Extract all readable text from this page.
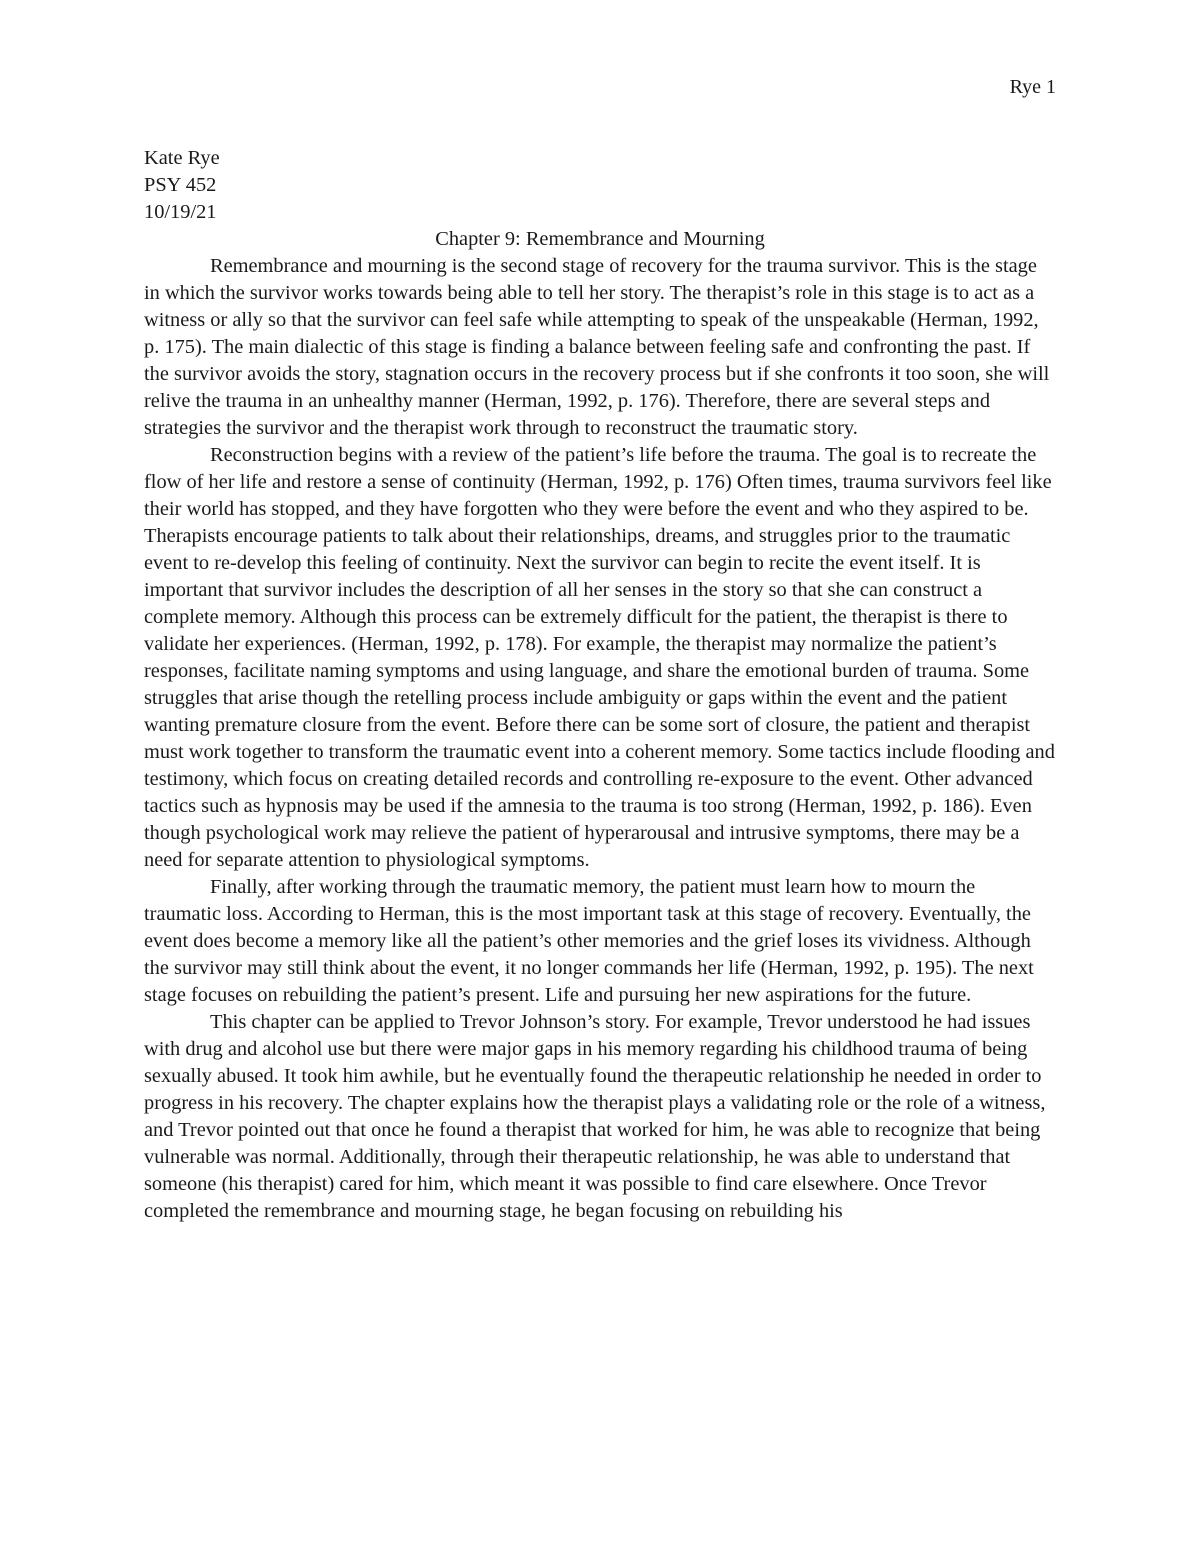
Rye 1

Kate Rye

PSY 452

10/19/21

Chapter 9: Remembrance and Mourning

Remembrance and mourning is the second stage of recovery for the trauma survivor. This is the stage in which the survivor works towards being able to tell her story. The therapist’s role in this stage is to act as a witness or ally so that the survivor can feel safe while attempting to speak of the unspeakable (Herman, 1992, p. 175). The main dialectic of this stage is finding a balance between feeling safe and confronting the past. If the survivor avoids the story, stagnation occurs in the recovery process but if she confronts it too soon, she will relive the trauma in an unhealthy manner (Herman, 1992, p. 176). Therefore, there are several steps and strategies the survivor and the therapist work through to reconstruct the traumatic story.

Reconstruction begins with a review of the patient’s life before the trauma. The goal is to recreate the flow of her life and restore a sense of continuity (Herman, 1992, p. 176) Often times, trauma survivors feel like their world has stopped, and they have forgotten who they were before the event and who they aspired to be. Therapists encourage patients to talk about their relationships, dreams, and struggles prior to the traumatic event to re-develop this feeling of continuity. Next the survivor can begin to recite the event itself. It is important that survivor includes the description of all her senses in the story so that she can construct a complete memory. Although this process can be extremely difficult for the patient, the therapist is there to validate her experiences. (Herman, 1992, p. 178). For example, the therapist may normalize the patient’s responses, facilitate naming symptoms and using language, and share the emotional burden of trauma. Some struggles that arise though the retelling process include ambiguity or gaps within the event and the patient wanting premature closure from the event. Before there can be some sort of closure, the patient and therapist must work together to transform the traumatic event into a coherent memory. Some tactics include flooding and testimony, which focus on creating detailed records and controlling re-exposure to the event. Other advanced tactics such as hypnosis may be used if the amnesia to the trauma is too strong (Herman, 1992, p. 186). Even though psychological work may relieve the patient of hyperarousal and intrusive symptoms, there may be a need for separate attention to physiological symptoms.

Finally, after working through the traumatic memory, the patient must learn how to mourn the traumatic loss. According to Herman, this is the most important task at this stage of recovery. Eventually, the event does become a memory like all the patient’s other memories and the grief loses its vividness. Although the survivor may still think about the event, it no longer commands her life (Herman, 1992, p. 195). The next stage focuses on rebuilding the patient’s present. Life and pursuing her new aspirations for the future.

This chapter can be applied to Trevor Johnson’s story. For example, Trevor understood he had issues with drug and alcohol use but there were major gaps in his memory regarding his childhood trauma of being sexually abused. It took him awhile, but he eventually found the therapeutic relationship he needed in order to progress in his recovery. The chapter explains how the therapist plays a validating role or the role of a witness, and Trevor pointed out that once he found a therapist that worked for him, he was able to recognize that being vulnerable was normal. Additionally, through their therapeutic relationship, he was able to understand that someone (his therapist) cared for him, which meant it was possible to find care elsewhere. Once Trevor completed the remembrance and mourning stage, he began focusing on rebuilding his
